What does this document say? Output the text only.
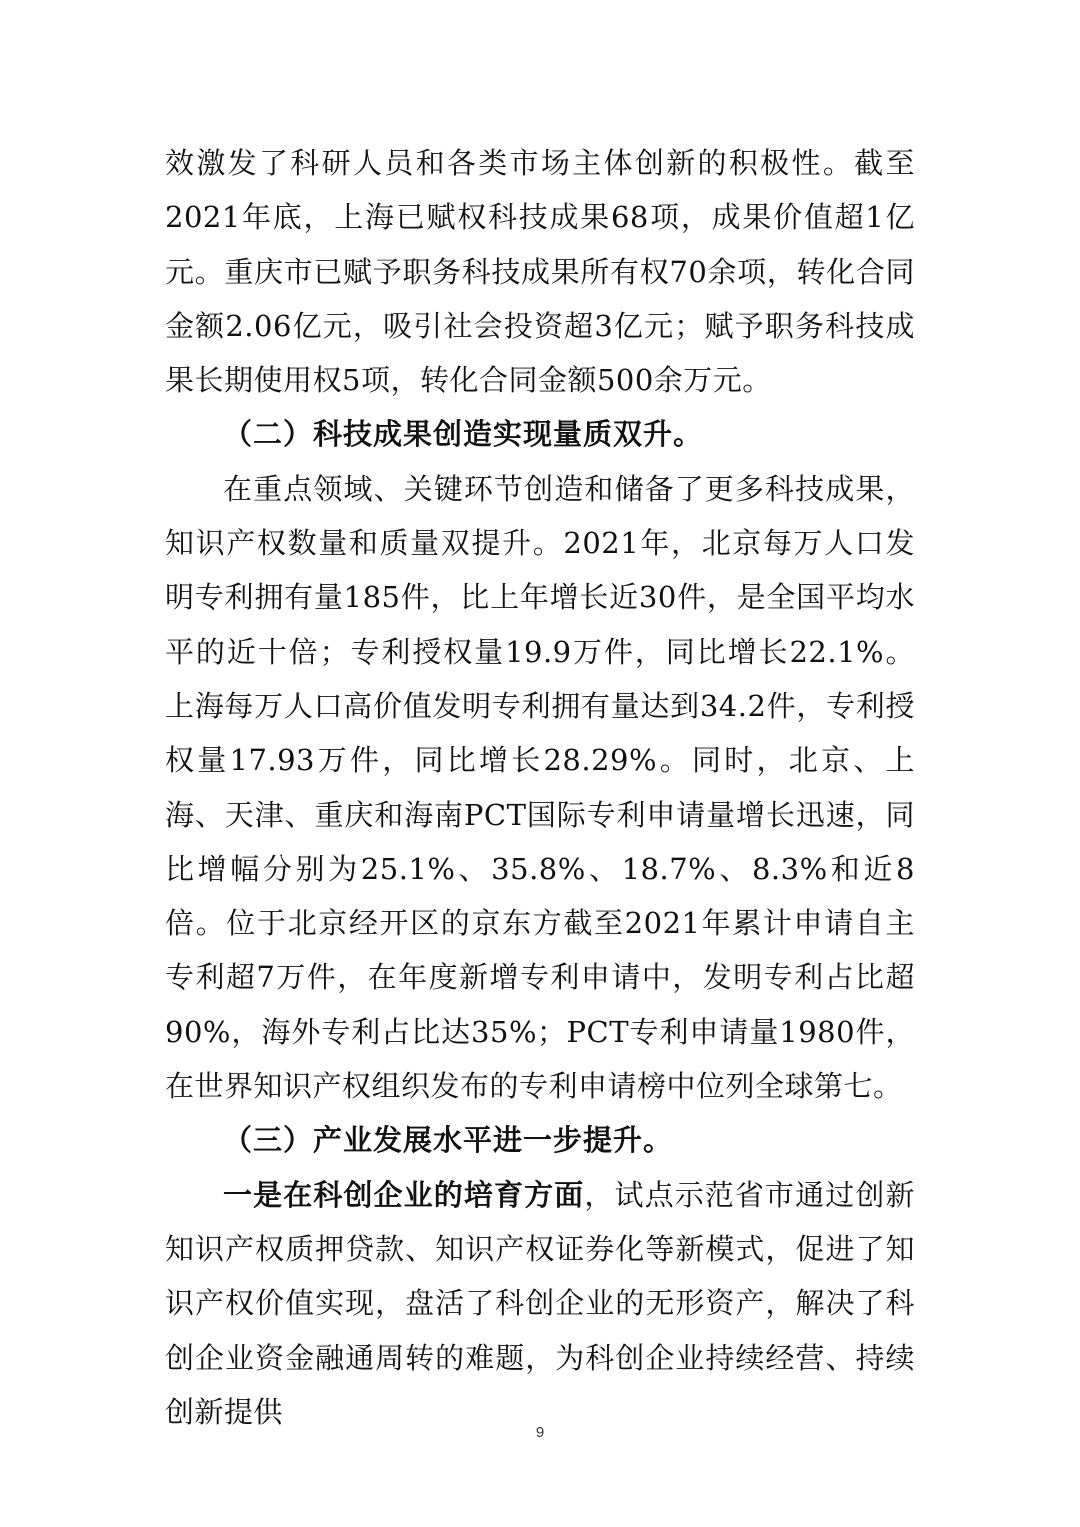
效激发了科研人员和各类市场主体创新的积极性。截至2021年底，上海已赋权科技成果68项，成果价值超1亿元。重庆市已赋予职务科技成果所有权70余项，转化合同金额2.06亿元，吸引社会投资超3亿元；赋予职务科技成果长期使用权5项，转化合同金额500余万元。

（二）科技成果创造实现量质双升。

在重点领域、关键环节创造和储备了更多科技成果，知识产权数量和质量双提升。2021年，北京每万人口发明专利拥有量185件，比上年增长近30件，是全国平均水平的近十倍；专利授权量19.9万件，同比增长22.1%。上海每万人口高价值发明专利拥有量达到34.2件，专利授权量17.93万件，同比增长28.29%。同时，北京、上海、天津、重庆和海南PCT国际专利申请量增长迅速，同比增幅分别为25.1%、35.8%、18.7%、8.3%和近8倍。位于北京经开区的京东方截至2021年累计申请自主专利超7万件，在年度新增专利申请中，发明专利占比超90%，海外专利占比达35%；PCT专利申请量1980件，在世界知识产权组织发布的专利申请榜中位列全球第七。

（三）产业发展水平进一步提升。

一是在科创企业的培育方面，试点示范省市通过创新知识产权质押贷款、知识产权证券化等新模式，促进了知识产权价值实现，盘活了科创企业的无形资产，解决了科创企业资金融通周转的难题，为科创企业持续经营、持续创新提供

9
